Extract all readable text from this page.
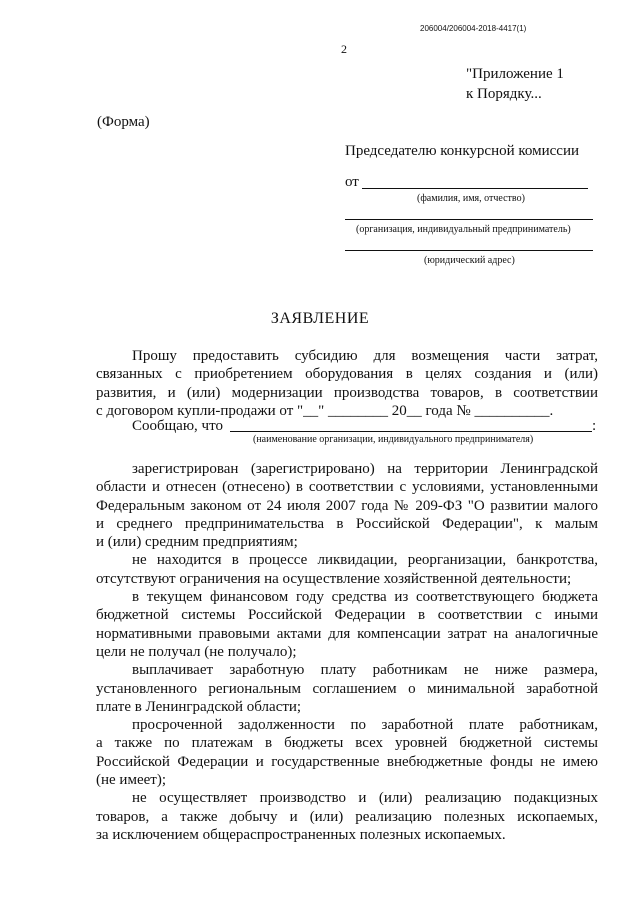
206004/206004-2018-4417(1)
2
"Приложение 1
к Порядку...
(Форма)
Председателю конкурсной комиссии
от
(фамилия, имя, отчество)
(организация, индивидуальный предприниматель)
(юридический адрес)
ЗАЯВЛЕНИЕ
Прошу предоставить субсидию для возмещения части затрат,
связанных с приобретением оборудования в целях создания и (или)
развития, и (или) модернизации производства товаров, в соответствии
с договором купли-продажи от "__" ________ 20__ года № __________.
Сообщаю, что	:
(наименование организации, индивидуального предпринимателя)
зарегистрирован (зарегистрировано) на территории Ленинградской
области и отнесен (отнесено) в соответствии с условиями, установленными
Федеральным законом от 24 июля 2007 года № 209-ФЗ "О развитии малого
и среднего предпринимательства в Российской Федерации", к малым
и (или) средним предприятиям;
не находится в процессе ликвидации, реорганизации, банкротства,
отсутствуют ограничения на осуществление хозяйственной деятельности;
в текущем финансовом году средства из соответствующего бюджета
бюджетной системы Российской Федерации в соответствии с иными
нормативными правовыми актами для компенсации затрат на аналогичные
цели не получал (не получало);
выплачивает заработную плату работникам не ниже размера,
установленного региональным соглашением о минимальной заработной
плате в Ленинградской области;
просроченной задолженности по заработной плате работникам,
а также по платежам в бюджеты всех уровней бюджетной системы
Российской Федерации и государственные внебюджетные фонды не имею
(не имеет);
не осуществляет производство и (или) реализацию подакцизных
товаров, а также добычу и (или) реализацию полезных ископаемых,
за исключением общераспространенных полезных ископаемых.
